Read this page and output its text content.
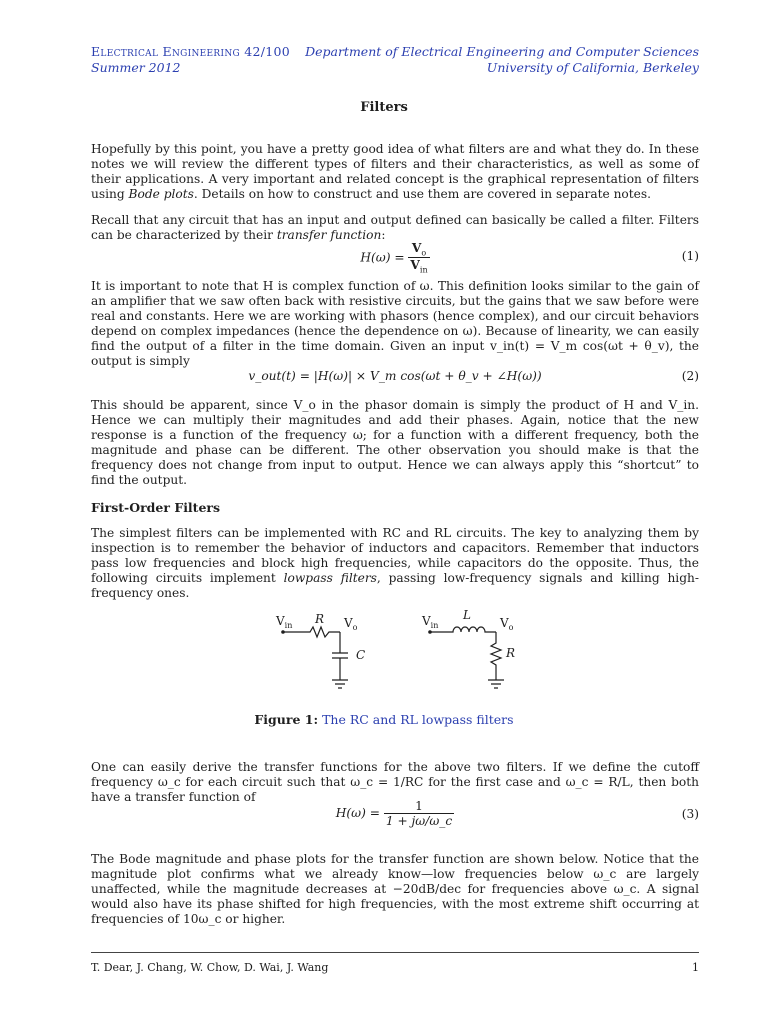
Electrical Engineering 42/100
Summer 2012
Department of Electrical Engineering and Computer Sciences
University of California, Berkeley
Filters
Hopefully by this point, you have a pretty good idea of what filters are and what they do. In these notes we will review the different types of filters and their characteristics, as well as some of their applications. A very important and related concept is the graphical representation of filters using Bode plots. Details on how to construct and use them are covered in separate notes.
Recall that any circuit that has an input and output defined can basically be called a filter. Filters can be characterized by their transfer function:
$H(\omega) = \frac{V_o}{V_{in}}$	(1)
It is important to note that H is complex function of ω. This definition looks similar to the gain of an amplifier that we saw often back with resistive circuits, but the gains that we saw before were real and constants. Here we are working with phasors (hence complex), and our circuit behaviors depend on complex impedances (hence the dependence on ω). Because of linearity, we can easily find the output of a filter in the time domain. Given an input v_in(t) = V_m cos(ωt + θ_v), the output is simply
v_out(t) = |H(ω)| × V_m cos(ωt + θ_v + ∠H(ω))	(2)
This should be apparent, since V_o in the phasor domain is simply the product of H and V_in. Hence we can multiply their magnitudes and add their phases. Again, notice that the new response is a function of the frequency ω; for a function with a different frequency, both the magnitude and phase can be different. The other observation you should make is that the frequency does not change from input to output. Hence we can always apply this “shortcut” to find the output.
First-Order Filters
The simplest filters can be implemented with RC and RL circuits. The key to analyzing them by inspection is to remember the behavior of inductors and capacitors. Remember that inductors pass low frequencies and block high frequencies, while capacitors do the opposite. Thus, the following circuits implement lowpass filters, passing low-frequency signals and killing high-frequency ones.
$V_{in}$ R $V_o$
C
$V_{in}$
L
$V_o$
R
Figure 1: The RC and RL lowpass filters
One can easily derive the transfer functions for the above two filters. If we define the cutoff frequency ω_c for each circuit such that ω_c = 1/RC for the first case and ω_c = R/L, then both have a transfer function of
$H(\omega) = \frac{1}{1 + j\omega/\omega\_c}$	(3)
The Bode magnitude and phase plots for the transfer function are shown below. Notice that the magnitude plot confirms what we already know—low frequencies below ω_c are largely unaffected, while the magnitude decreases at −20dB/dec for frequencies above ω_c. A signal would also have its phase shifted for high frequencies, with the most extreme shift occurring at frequencies of 10ω_c or higher.
T. Dear, J. Chang, W. Chow, D. Wai, J. Wang	1
